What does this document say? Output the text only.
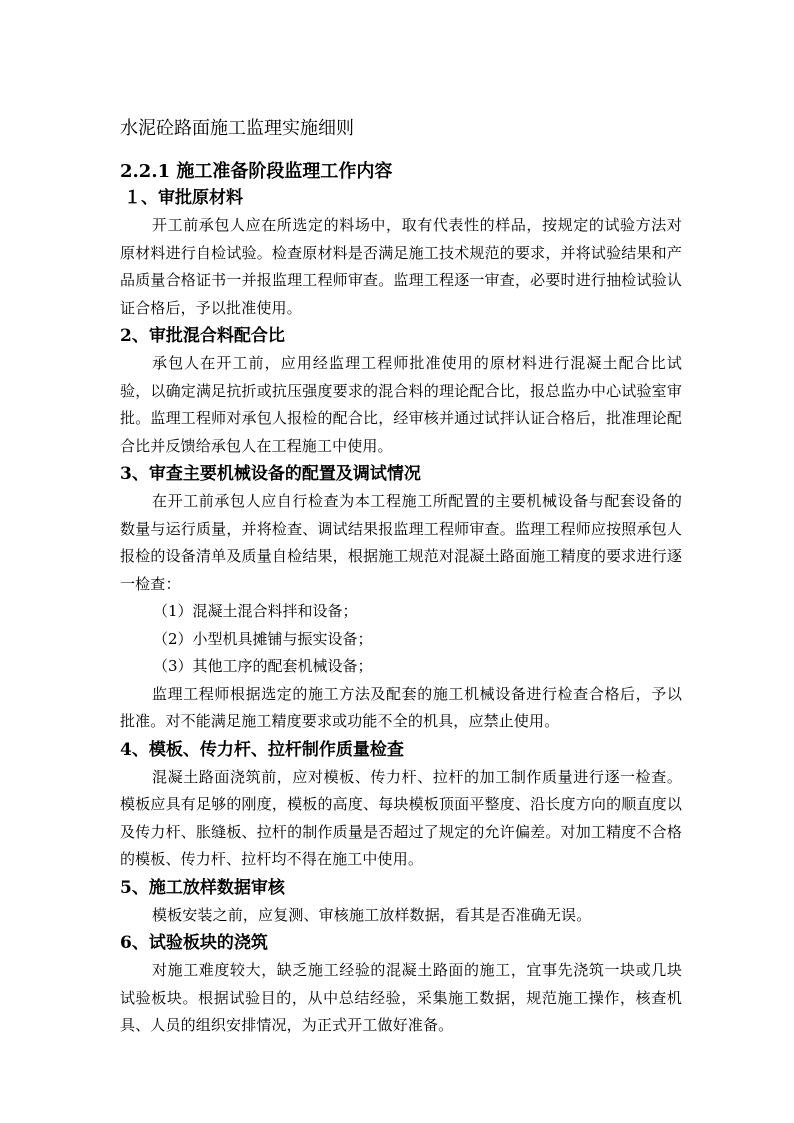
水泥砼路面施工监理实施细则
2.2.1 施工准备阶段监理工作内容
１、审批原材料

开工前承包人应在所选定的料场中，取有代表性的样品，按规定的试验方法对原材料进行自检试验。检查原材料是否满足施工技术规范的要求，并将试验结果和产品质量合格证书一并报监理工程师审查。监理工程逐一审查，必要时进行抽检试验认证合格后，予以批准使用。

2、审批混合料配合比

承包人在开工前，应用经监理工程师批准使用的原材料进行混凝土配合比试验，以确定满足抗折或抗压强度要求的混合料的理论配合比，报总监办中心试验室审批。监理工程师对承包人报检的配合比，经审核并通过试拌认证合格后，批准理论配合比并反馈给承包人在工程施工中使用。

3、审查主要机械设备的配置及调试情况

在开工前承包人应自行检查为本工程施工所配置的主要机械设备与配套设备的数量与运行质量，并将检查、调试结果报监理工程师审查。监理工程师应按照承包人报检的设备清单及质量自检结果，根据施工规范对混凝土路面施工精度的要求进行逐一检查：

（1）混凝土混合料拌和设备；

（2）小型机具摊铺与振实设备；

（3）其他工序的配套机械设备；

监理工程师根据选定的施工方法及配套的施工机械设备进行检查合格后，予以批准。对不能满足施工精度要求或功能不全的机具，应禁止使用。

4、模板、传力杆、拉杆制作质量检查

混凝土路面浇筑前，应对模板、传力杆、拉杆的加工制作质量进行逐一检查。模板应具有足够的刚度，模板的高度、每块模板顶面平整度、沿长度方向的顺直度以及传力杆、胀缝板、拉杆的制作质量是否超过了规定的允许偏差。对加工精度不合格的模板、传力杆、拉杆均不得在施工中使用。

5、施工放样数据审核

模板安装之前，应复测、审核施工放样数据，看其是否准确无误。

6、试验板块的浇筑

对施工难度较大，缺乏施工经验的混凝土路面的施工，宜事先浇筑一块或几块试验板块。根据试验目的，从中总结经验，采集施工数据，规范施工操作，核查机具、人员的组织安排情况，为正式开工做好准备。
